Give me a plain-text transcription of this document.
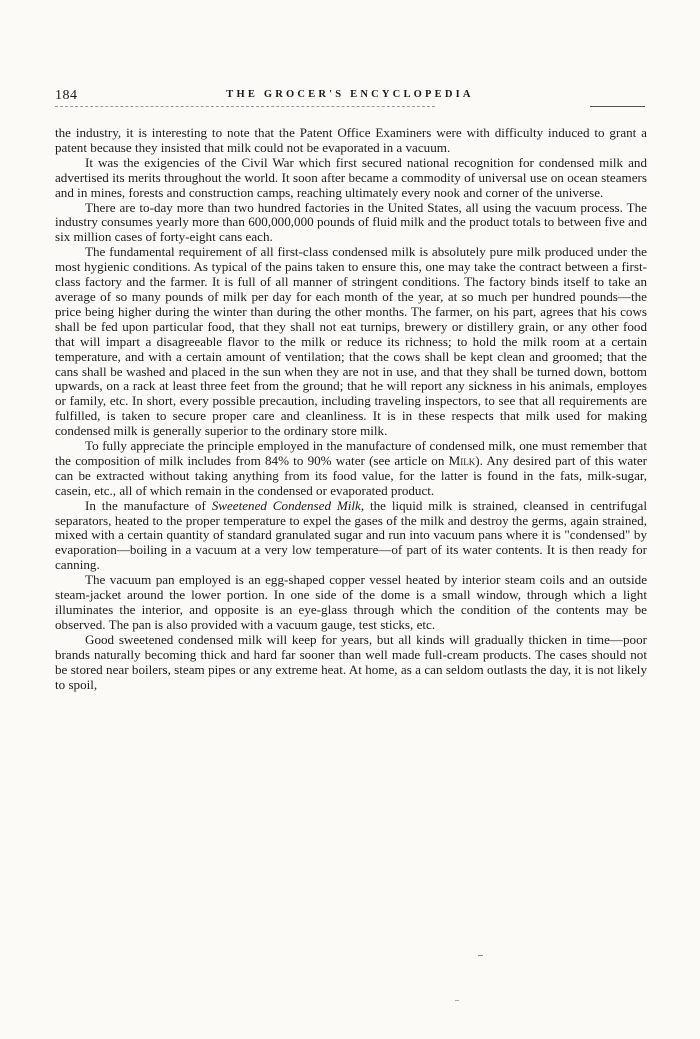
184	THE GROCER'S ENCYCLOPEDIA

the industry, it is interesting to note that the Patent Office Examiners were with difficulty induced to grant a patent because they insisted that milk could not be evaporated in a vacuum.

It was the exigencies of the Civil War which first secured national recognition for condensed milk and advertised its merits throughout the world. It soon after became a commodity of universal use on ocean steamers and in mines, forests and construction camps, reaching ultimately every nook and corner of the universe.

There are to-day more than two hundred factories in the United States, all using the vacuum process. The industry consumes yearly more than 600,000,000 pounds of fluid milk and the product totals to between five and six million cases of forty-eight cans each.

The fundamental requirement of all first-class condensed milk is absolutely pure milk produced under the most hygienic conditions. As typical of the pains taken to ensure this, one may take the contract between a first-class factory and the farmer. It is full of all manner of stringent conditions. The factory binds itself to take an average of so many pounds of milk per day for each month of the year, at so much per hundred pounds—the price being higher during the winter than during the other months. The farmer, on his part, agrees that his cows shall be fed upon particular food, that they shall not eat turnips, brewery or distillery grain, or any other food that will impart a disagreeable flavor to the milk or reduce its richness; to hold the milk room at a certain temperature, and with a certain amount of ventilation; that the cows shall be kept clean and groomed; that the cans shall be washed and placed in the sun when they are not in use, and that they shall be turned down, bottom upwards, on a rack at least three feet from the ground; that he will report any sickness in his animals, employes or family, etc. In short, every possible precaution, including traveling inspectors, to see that all requirements are fulfilled, is taken to secure proper care and cleanliness. It is in these respects that milk used for making condensed milk is generally superior to the ordinary store milk.

To fully appreciate the principle employed in the manufacture of condensed milk, one must remember that the composition of milk includes from 84% to 90% water (see article on Milk). Any desired part of this water can be extracted without taking anything from its food value, for the latter is found in the fats, milk-sugar, casein, etc., all of which remain in the condensed or evaporated product.

In the manufacture of Sweetened Condensed Milk, the liquid milk is strained, cleansed in centrifugal separators, heated to the proper temperature to expel the gases of the milk and destroy the germs, again strained, mixed with a certain quantity of standard granulated sugar and run into vacuum pans where it is "condensed" by evaporation—boiling in a vacuum at a very low temperature—of part of its water contents. It is then ready for canning.

The vacuum pan employed is an egg-shaped copper vessel heated by interior steam coils and an outside steam-jacket around the lower portion. In one side of the dome is a small window, through which a light illuminates the interior, and opposite is an eye-glass through which the condition of the contents may be observed. The pan is also provided with a vacuum gauge, test sticks, etc.

Good sweetened condensed milk will keep for years, but all kinds will gradually thicken in time—poor brands naturally becoming thick and hard far sooner than well made full-cream products. The cases should not be stored near boilers, steam pipes or any extreme heat. At home, as a can seldom outlasts the day, it is not likely to spoil,
